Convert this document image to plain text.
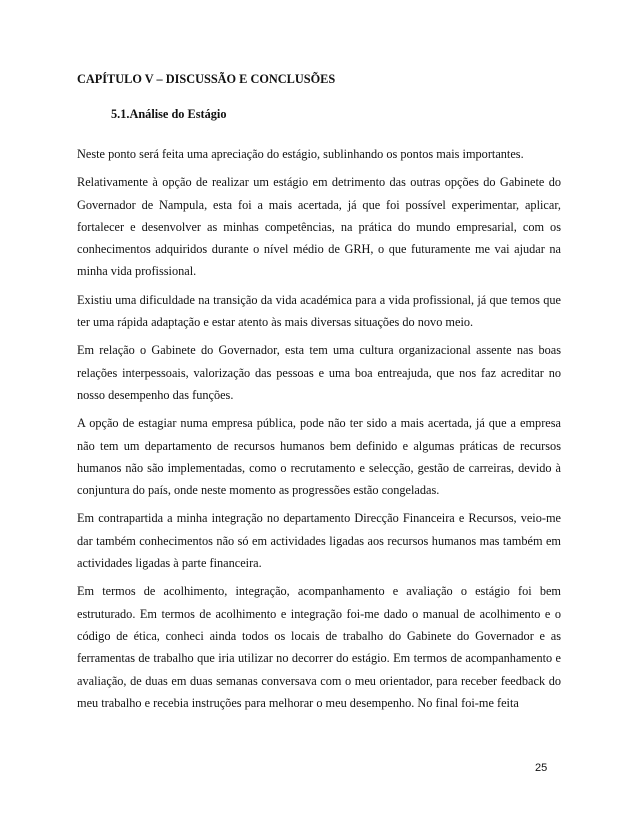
CAPÍTULO V – DISCUSSÃO E CONCLUSÕES
5.1.Análise do Estágio

Neste ponto será feita uma apreciação do estágio, sublinhando os pontos mais importantes.

Relativamente à opção de realizar um estágio em detrimento das outras opções do Gabinete do Governador de Nampula, esta foi a mais acertada, já que foi possível experimentar, aplicar, fortalecer e desenvolver as minhas competências, na prática do mundo empresarial, com os conhecimentos adquiridos durante o nível médio de GRH, o que futuramente me vai ajudar na minha vida profissional.

Existiu uma dificuldade na transição da vida académica para a vida profissional, já que temos que ter uma rápida adaptação e estar atento às mais diversas situações do novo meio.

Em relação o Gabinete do Governador, esta tem uma cultura organizacional assente nas boas relações interpessoais, valorização das pessoas e uma boa entreajuda, que nos faz acreditar no nosso desempenho das funções.

A opção de estagiar numa empresa pública, pode não ter sido a mais acertada, já que a empresa não tem um departamento de recursos humanos bem definido e algumas práticas de recursos humanos não são implementadas, como o recrutamento e selecção, gestão de carreiras, devido à conjuntura do país, onde neste momento as progressões estão congeladas.

Em contrapartida a minha integração no departamento Direcção Financeira e Recursos, veio-me dar também conhecimentos não só em actividades ligadas aos recursos humanos mas também em actividades ligadas à parte financeira.

Em termos de acolhimento, integração, acompanhamento e avaliação o estágio foi bem estruturado. Em termos de acolhimento e integração foi-me dado o manual de acolhimento e o código de ética, conheci ainda todos os locais de trabalho do Gabinete do Governador e as ferramentas de trabalho que iria utilizar no decorrer do estágio. Em termos de acompanhamento e avaliação, de duas em duas semanas conversava com o meu orientador, para receber feedback do meu trabalho e recebia instruções para melhorar o meu desempenho. No final foi-me feita

25
